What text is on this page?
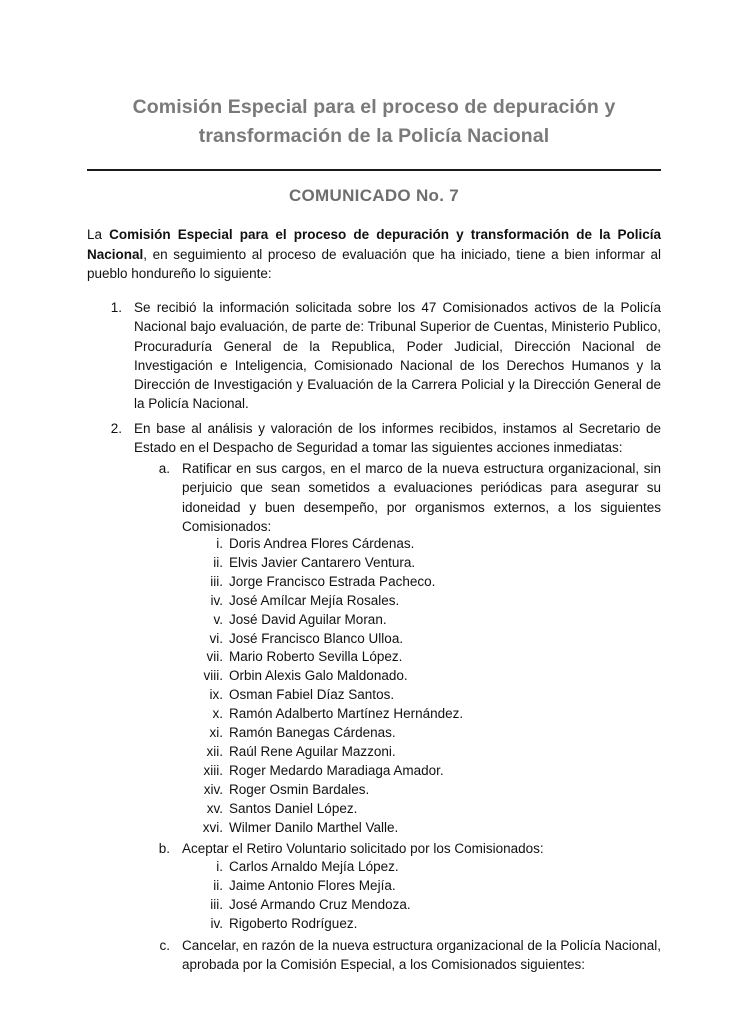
Comisión Especial para el proceso de depuración y
transformación de la Policía Nacional
COMUNICADO No. 7

La Comisión Especial para el proceso de depuración y transformación de la Policía Nacional, en seguimiento al proceso de evaluación que ha iniciado, tiene a bien informar al pueblo hondureño lo siguiente:

1. Se recibió la información solicitada sobre los 47 Comisionados activos de la Policía Nacional bajo evaluación, de parte de: Tribunal Superior de Cuentas, Ministerio Publico, Procuraduría General de la Republica, Poder Judicial, Dirección Nacional de Investigación e Inteligencia, Comisionado Nacional de los Derechos Humanos y la Dirección de Investigación y Evaluación de la Carrera Policial y la Dirección General de la Policía Nacional.
2. En base al análisis y valoración de los informes recibidos, instamos al Secretario de Estado en el Despacho de Seguridad a tomar las siguientes acciones inmediatas:
a. Ratificar en sus cargos, en el marco de la nueva estructura organizacional, sin perjuicio que sean sometidos a evaluaciones periódicas para asegurar su idoneidad y buen desempeño, por organismos externos, a los siguientes Comisionados:
i. Doris Andrea Flores Cárdenas.
ii. Elvis Javier Cantarero Ventura.
iii. Jorge Francisco Estrada Pacheco.
iv. José Amílcar Mejía Rosales.
v. José David Aguilar Moran.
vi. José Francisco Blanco Ulloa.
vii. Mario Roberto Sevilla López.
viii. Orbin Alexis Galo Maldonado.
ix. Osman Fabiel Díaz Santos.
x. Ramón Adalberto Martínez Hernández.
xi. Ramón Banegas Cárdenas.
xii. Raúl Rene Aguilar Mazzoni.
xiii. Roger Medardo Maradiaga Amador.
xiv. Roger Osmin Bardales.
xv. Santos Daniel López.
xvi. Wilmer Danilo Marthel Valle.
b. Aceptar el Retiro Voluntario solicitado por los Comisionados:
i. Carlos Arnaldo Mejía López.
ii. Jaime Antonio Flores Mejía.
iii. José Armando Cruz Mendoza.
iv. Rigoberto Rodríguez.
c. Cancelar, en razón de la nueva estructura organizacional de la Policía Nacional, aprobada por la Comisión Especial, a los Comisionados siguientes:
